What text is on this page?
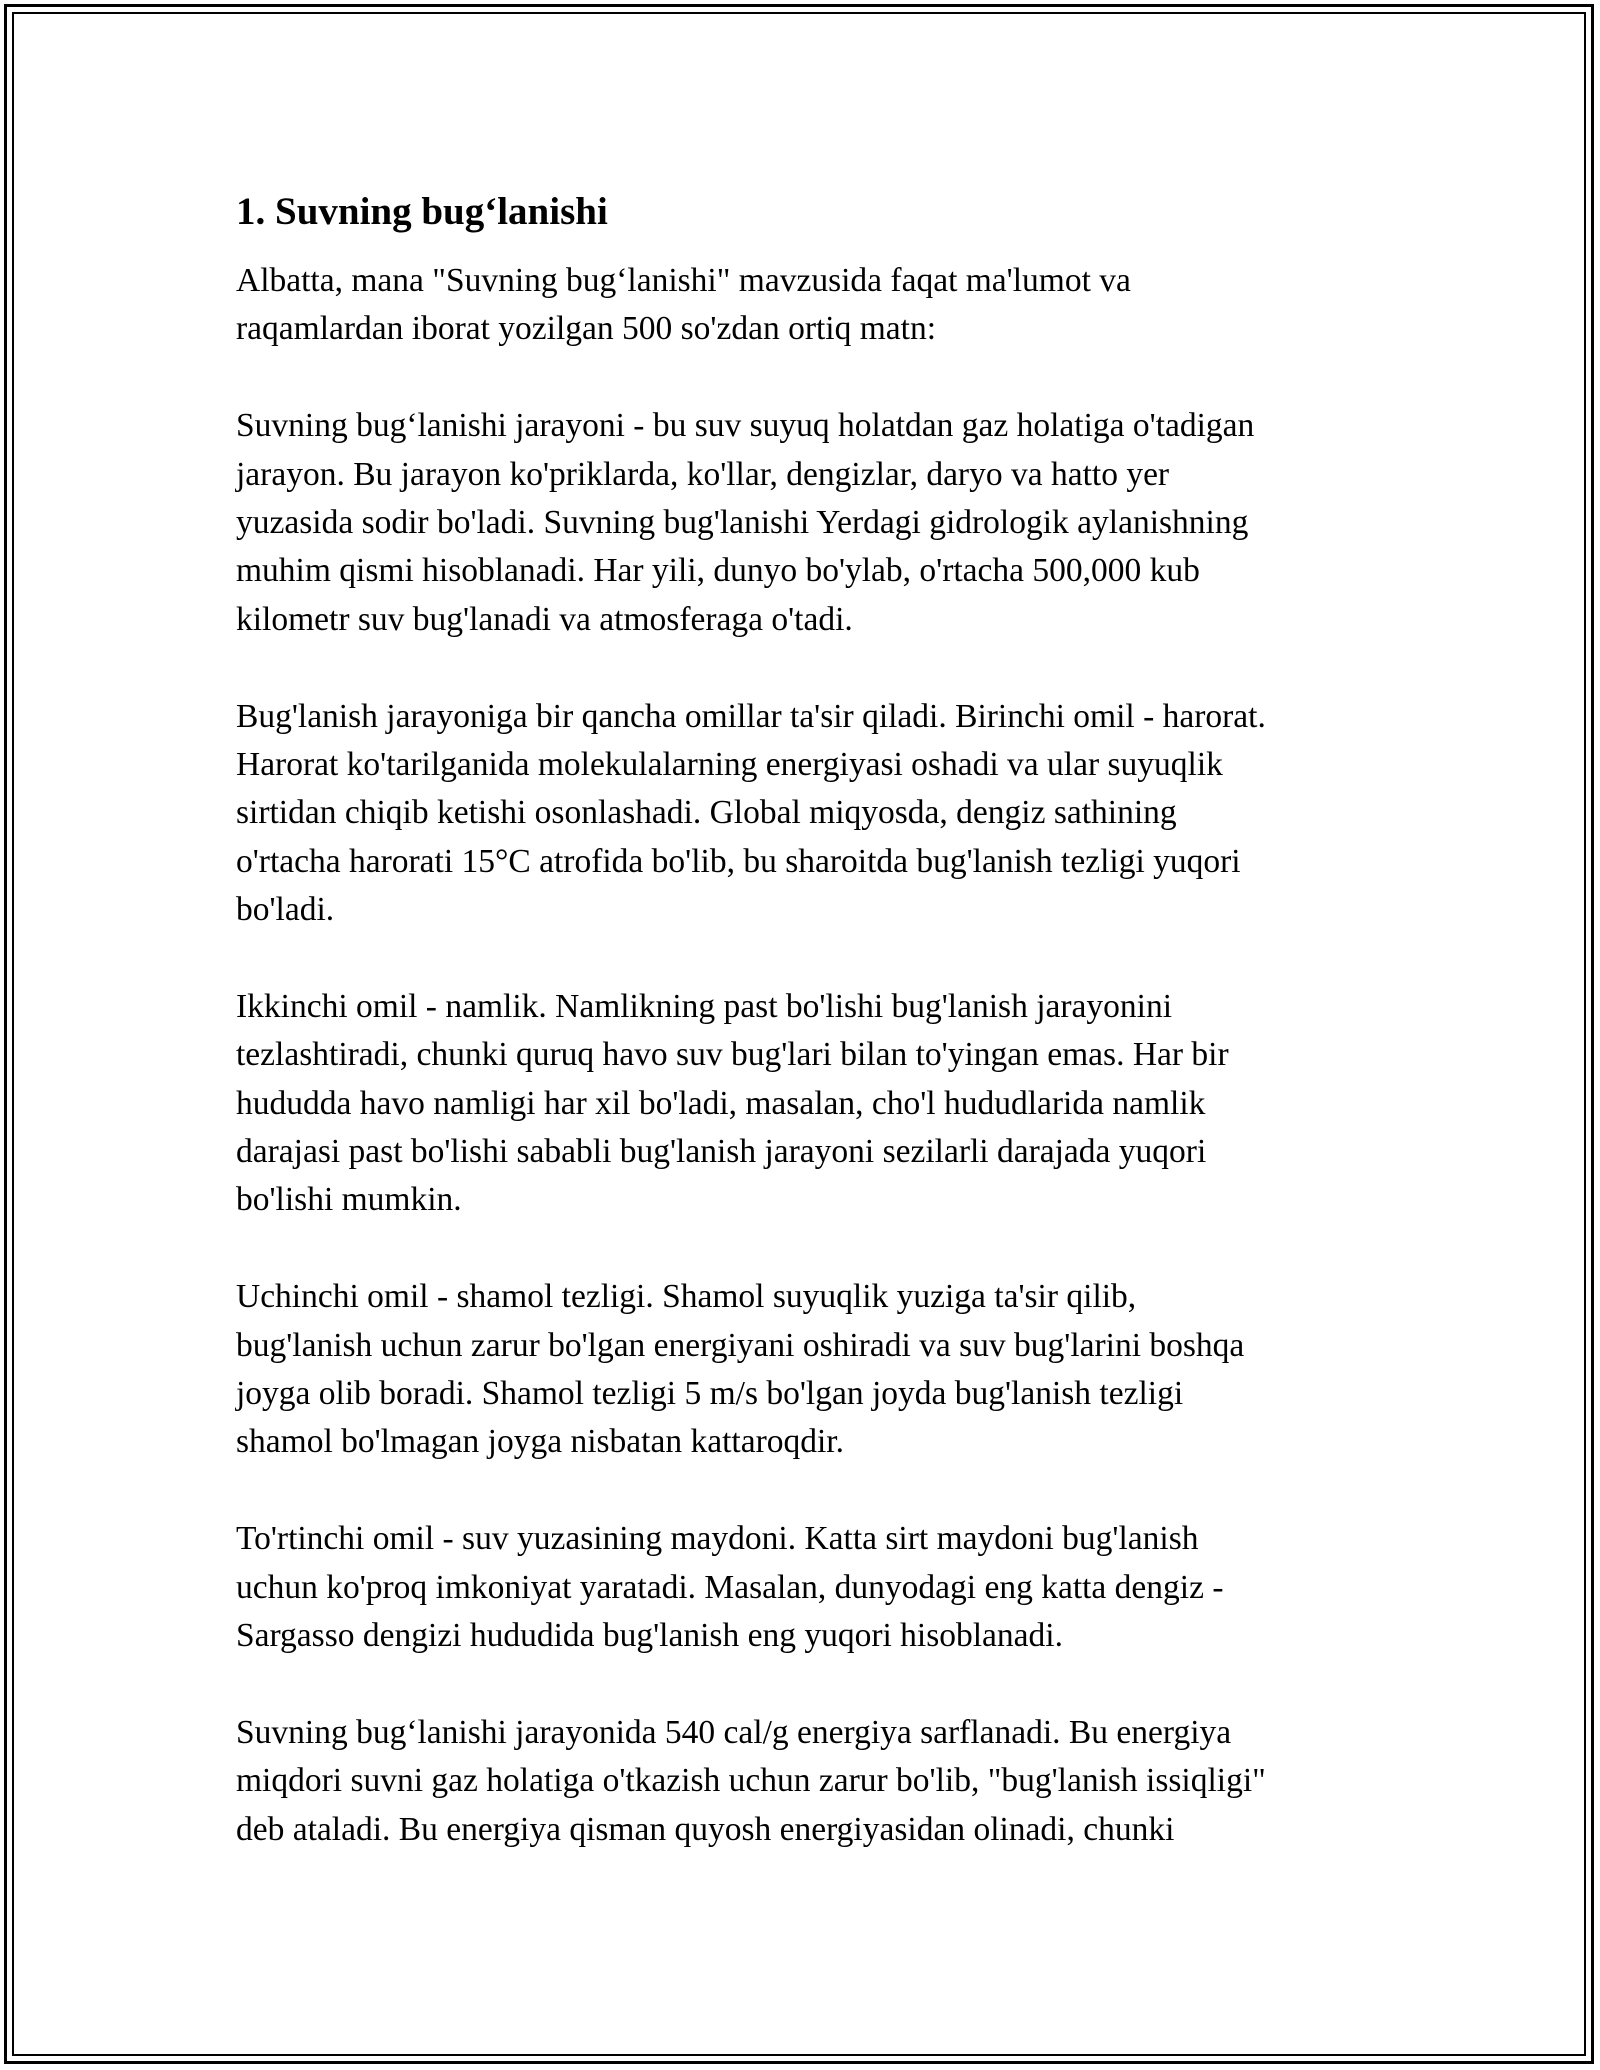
1. Suvning bug‘lanishi
Albatta, mana "Suvning bug‘lanishi" mavzusida faqat ma'lumot va
raqamlardan iborat yozilgan 500 so'zdan ortiq matn:
Suvning bug‘lanishi jarayoni - bu suv suyuq holatdan gaz holatiga o'tadigan
jarayon. Bu jarayon ko'priklarda, ko'llar, dengizlar, daryo va hatto yer
yuzasida sodir bo'ladi. Suvning bug'lanishi Yerdagi gidrologik aylanishning
muhim qismi hisoblanadi. Har yili, dunyo bo'ylab, o'rtacha 500,000 kub
kilometr suv bug'lanadi va atmosferaga o'tadi.
Bug'lanish jarayoniga bir qancha omillar ta'sir qiladi. Birinchi omil - harorat.
Harorat ko'tarilganida molekulalarning energiyasi oshadi va ular suyuqlik
sirtidan chiqib ketishi osonlashadi. Global miqyosda, dengiz sathining
o'rtacha harorati 15°C atrofida bo'lib, bu sharoitda bug'lanish tezligi yuqori
bo'ladi.
Ikkinchi omil - namlik. Namlikning past bo'lishi bug'lanish jarayonini
tezlashtiradi, chunki quruq havo suv bug'lari bilan to'yingan emas. Har bir
hududda havo namligi har xil bo'ladi, masalan, cho'l hududlarida namlik
darajasi past bo'lishi sababli bug'lanish jarayoni sezilarli darajada yuqori
bo'lishi mumkin.
Uchinchi omil - shamol tezligi. Shamol suyuqlik yuziga ta'sir qilib,
bug'lanish uchun zarur bo'lgan energiyani oshiradi va suv bug'larini boshqa
joyga olib boradi. Shamol tezligi 5 m/s bo'lgan joyda bug'lanish tezligi
shamol bo'lmagan joyga nisbatan kattaroqdir.
To'rtinchi omil - suv yuzasining maydoni. Katta sirt maydoni bug'lanish
uchun ko'proq imkoniyat yaratadi. Masalan, dunyodagi eng katta dengiz -
Sargasso dengizi hududida bug'lanish eng yuqori hisoblanadi.
Suvning bug‘lanishi jarayonida 540 cal/g energiya sarflanadi. Bu energiya
miqdori suvni gaz holatiga o'tkazish uchun zarur bo'lib, "bug'lanish issiqligi"
deb ataladi. Bu energiya qisman quyosh energiyasidan olinadi, chunki
